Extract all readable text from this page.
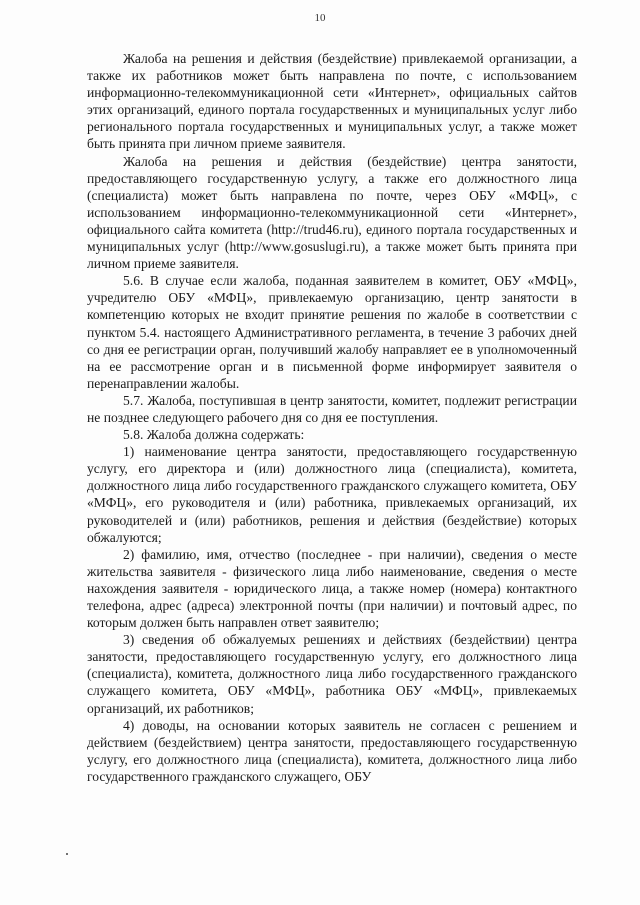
10

Жалоба на решения и действия (бездействие) привлекаемой организации, а также их работников может быть направлена по почте, с использованием информационно-телекоммуникационной сети «Интернет», официальных сайтов этих организаций, единого портала государственных и муниципальных услуг либо регионального портала государственных и муниципальных услуг, а также может быть принята при личном приеме заявителя.

Жалоба на решения и действия (бездействие) центра занятости, предоставляющего государственную услугу, а также его должностного лица (специалиста) может быть направлена по почте, через ОБУ «МФЦ», с использованием информационно-телекоммуникационной сети «Интернет», официального сайта комитета (http://trud46.ru), единого портала государственных и муниципальных услуг (http://www.gosuslugi.ru), а также может быть принята при личном приеме заявителя.

5.6. В случае если жалоба, поданная заявителем в комитет, ОБУ «МФЦ», учредителю ОБУ «МФЦ», привлекаемую организацию, центр занятости в компетенцию которых не входит принятие решения по жалобе в соответствии с пунктом 5.4. настоящего Административного регламента, в течение 3 рабочих дней со дня ее регистрации орган, получивший жалобу направляет ее в уполномоченный на ее рассмотрение орган и в письменной форме информирует заявителя о перенаправлении жалобы.

5.7. Жалоба, поступившая в центр занятости, комитет, подлежит регистрации не позднее следующего рабочего дня со дня ее поступления.

5.8. Жалоба должна содержать:

1) наименование центра занятости, предоставляющего государственную услугу, его директора и (или) должностного лица (специалиста), комитета, должностного лица либо государственного гражданского служащего комитета, ОБУ «МФЦ», его руководителя и (или) работника, привлекаемых организаций, их руководителей и (или) работников, решения и действия (бездействие) которых обжалуются;

2) фамилию, имя, отчество (последнее - при наличии), сведения о месте жительства заявителя - физического лица либо наименование, сведения о месте нахождения заявителя - юридического лица, а также номер (номера) контактного телефона, адрес (адреса) электронной почты (при наличии) и почтовый адрес, по которым должен быть направлен ответ заявителю;

3) сведения об обжалуемых решениях и действиях (бездействии) центра занятости, предоставляющего государственную услугу, его должностного лица (специалиста), комитета, должностного лица либо государственного гражданского служащего комитета, ОБУ «МФЦ», работника ОБУ «МФЦ», привлекаемых организаций, их работников;

4) доводы, на основании которых заявитель не согласен с решением и действием (бездействием) центра занятости, предоставляющего государственную услугу, его должностного лица (специалиста), комитета, должностного лица либо государственного гражданского служащего, ОБУ
